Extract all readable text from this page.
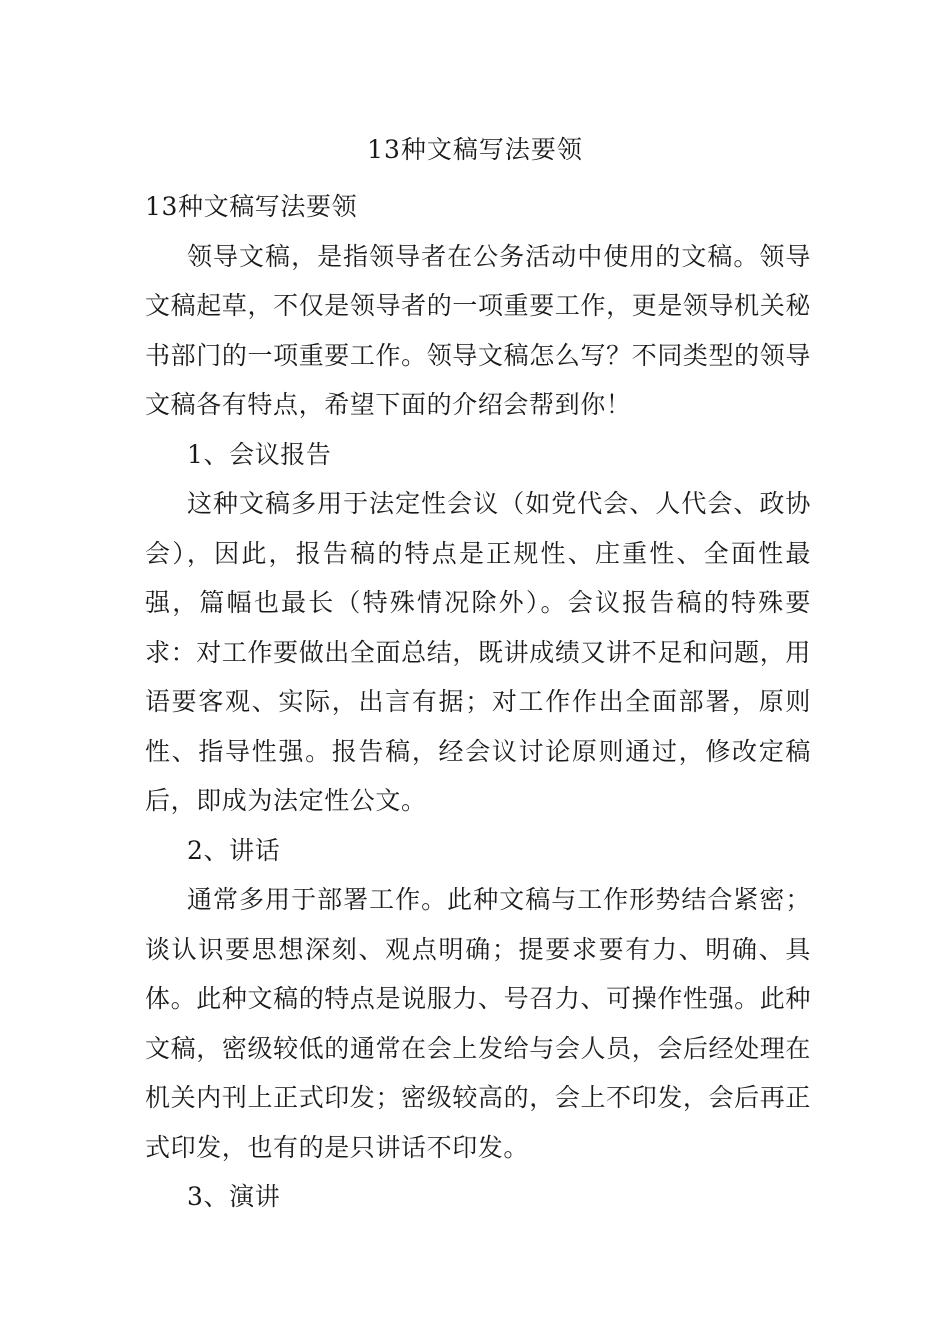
13种文稿写法要领
13种文稿写法要领

领导文稿，是指领导者在公务活动中使用的文稿。领导文稿起草，不仅是领导者的一项重要工作，更是领导机关秘书部门的一项重要工作。领导文稿怎么写？不同类型的领导文稿各有特点，希望下面的介绍会帮到你！

1、会议报告

这种文稿多用于法定性会议（如党代会、人代会、政协会），因此，报告稿的特点是正规性、庄重性、全面性最强，篇幅也最长（特殊情况除外）。会议报告稿的特殊要求：对工作要做出全面总结，既讲成绩又讲不足和问题，用语要客观、实际，出言有据；对工作作出全面部署，原则性、指导性强。报告稿，经会议讨论原则通过，修改定稿后，即成为法定性公文。

2、讲话

通常多用于部署工作。此种文稿与工作形势结合紧密；谈认识要思想深刻、观点明确；提要求要有力、明确、具体。此种文稿的特点是说服力、号召力、可操作性强。此种文稿，密级较低的通常在会上发给与会人员，会后经处理在机关内刊上正式印发；密级较高的，会上不印发，会后再正式印发，也有的是只讲话不印发。

3、演讲
